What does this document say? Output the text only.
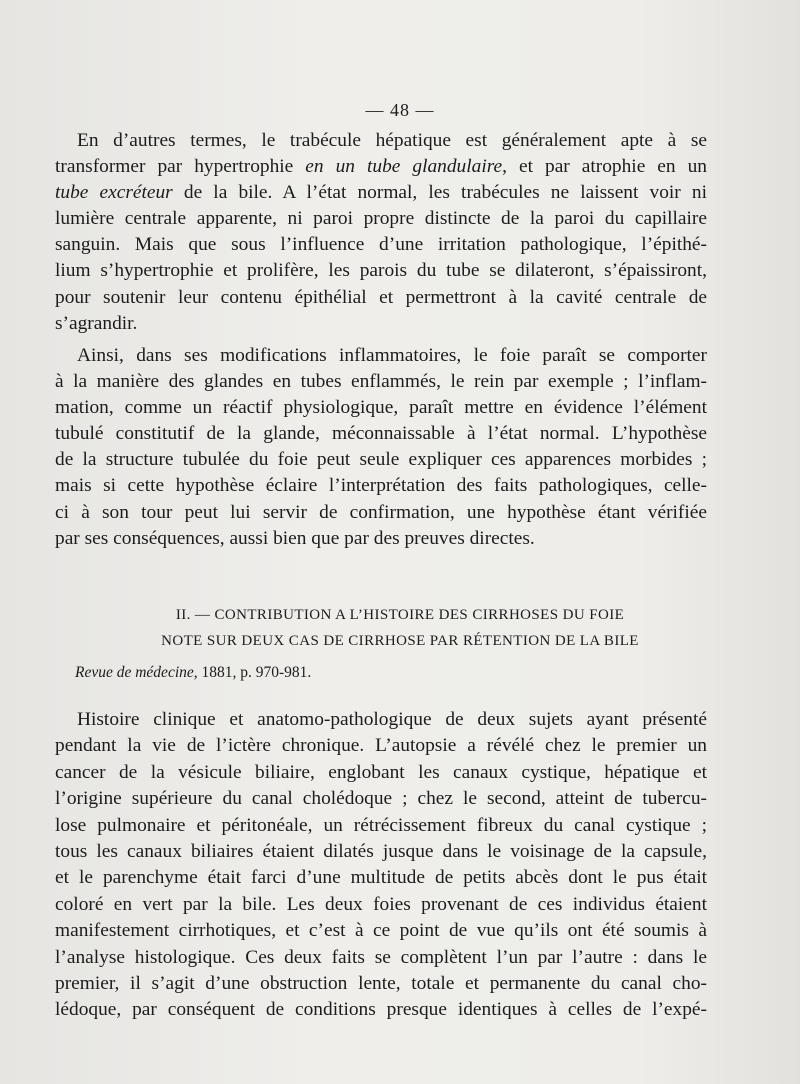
— 48 —
En d’autres termes, le trabécule hépatique est généralement apte à se
transformer par hypertrophie en un tube glandulaire, et par atrophie en un
tube excréteur de la bile. A l’état normal, les trabécules ne laissent voir ni
lumière centrale apparente, ni paroi propre distincte de la paroi du capillaire
sanguin. Mais que sous l’influence d’une irritation pathologique, l’épithé-
lium s’hypertrophie et prolifère, les parois du tube se dilateront, s’épaissiront,
pour soutenir leur contenu épithélial et permettront à la cavité centrale de
s’agrandir.
Ainsi, dans ses modifications inflammatoires, le foie paraît se comporter
à la manière des glandes en tubes enflammés, le rein par exemple ; l’inflam-
mation, comme un réactif physiologique, paraît mettre en évidence l’élément
tubulé constitutif de la glande, méconnaissable à l’état normal. L’hypothèse
de la structure tubulée du foie peut seule expliquer ces apparences morbides ;
mais si cette hypothèse éclaire l’interprétation des faits pathologiques, celle-
ci à son tour peut lui servir de confirmation, une hypothèse étant vérifiée
par ses conséquences, aussi bien que par des preuves directes.
II. — CONTRIBUTION A L’HISTOIRE DES CIRRHOSES DU FOIE
NOTE SUR DEUX CAS DE CIRRHOSE PAR RÉTENTION DE LA BILE
Revue de médecine, 1881, p. 970-981.
Histoire clinique et anatomo-pathologique de deux sujets ayant présenté
pendant la vie de l’ictère chronique. L’autopsie a révélé chez le premier un
cancer de la vésicule biliaire, englobant les canaux cystique, hépatique et
l’origine supérieure du canal cholédoque ; chez le second, atteint de tubercu-
lose pulmonaire et péritonéale, un rétrécissement fibreux du canal cystique ;
tous les canaux biliaires étaient dilatés jusque dans le voisinage de la capsule,
et le parenchyme était farci d’une multitude de petits abcès dont le pus était
coloré en vert par la bile. Les deux foies provenant de ces individus étaient
manifestement cirrhotiques, et c’est à ce point de vue qu’ils ont été soumis à
l’analyse histologique. Ces deux faits se complètent l’un par l’autre : dans le
premier, il s’agit d’une obstruction lente, totale et permanente du canal cho-
lédoque, par conséquent de conditions presque identiques à celles de l’expé-
